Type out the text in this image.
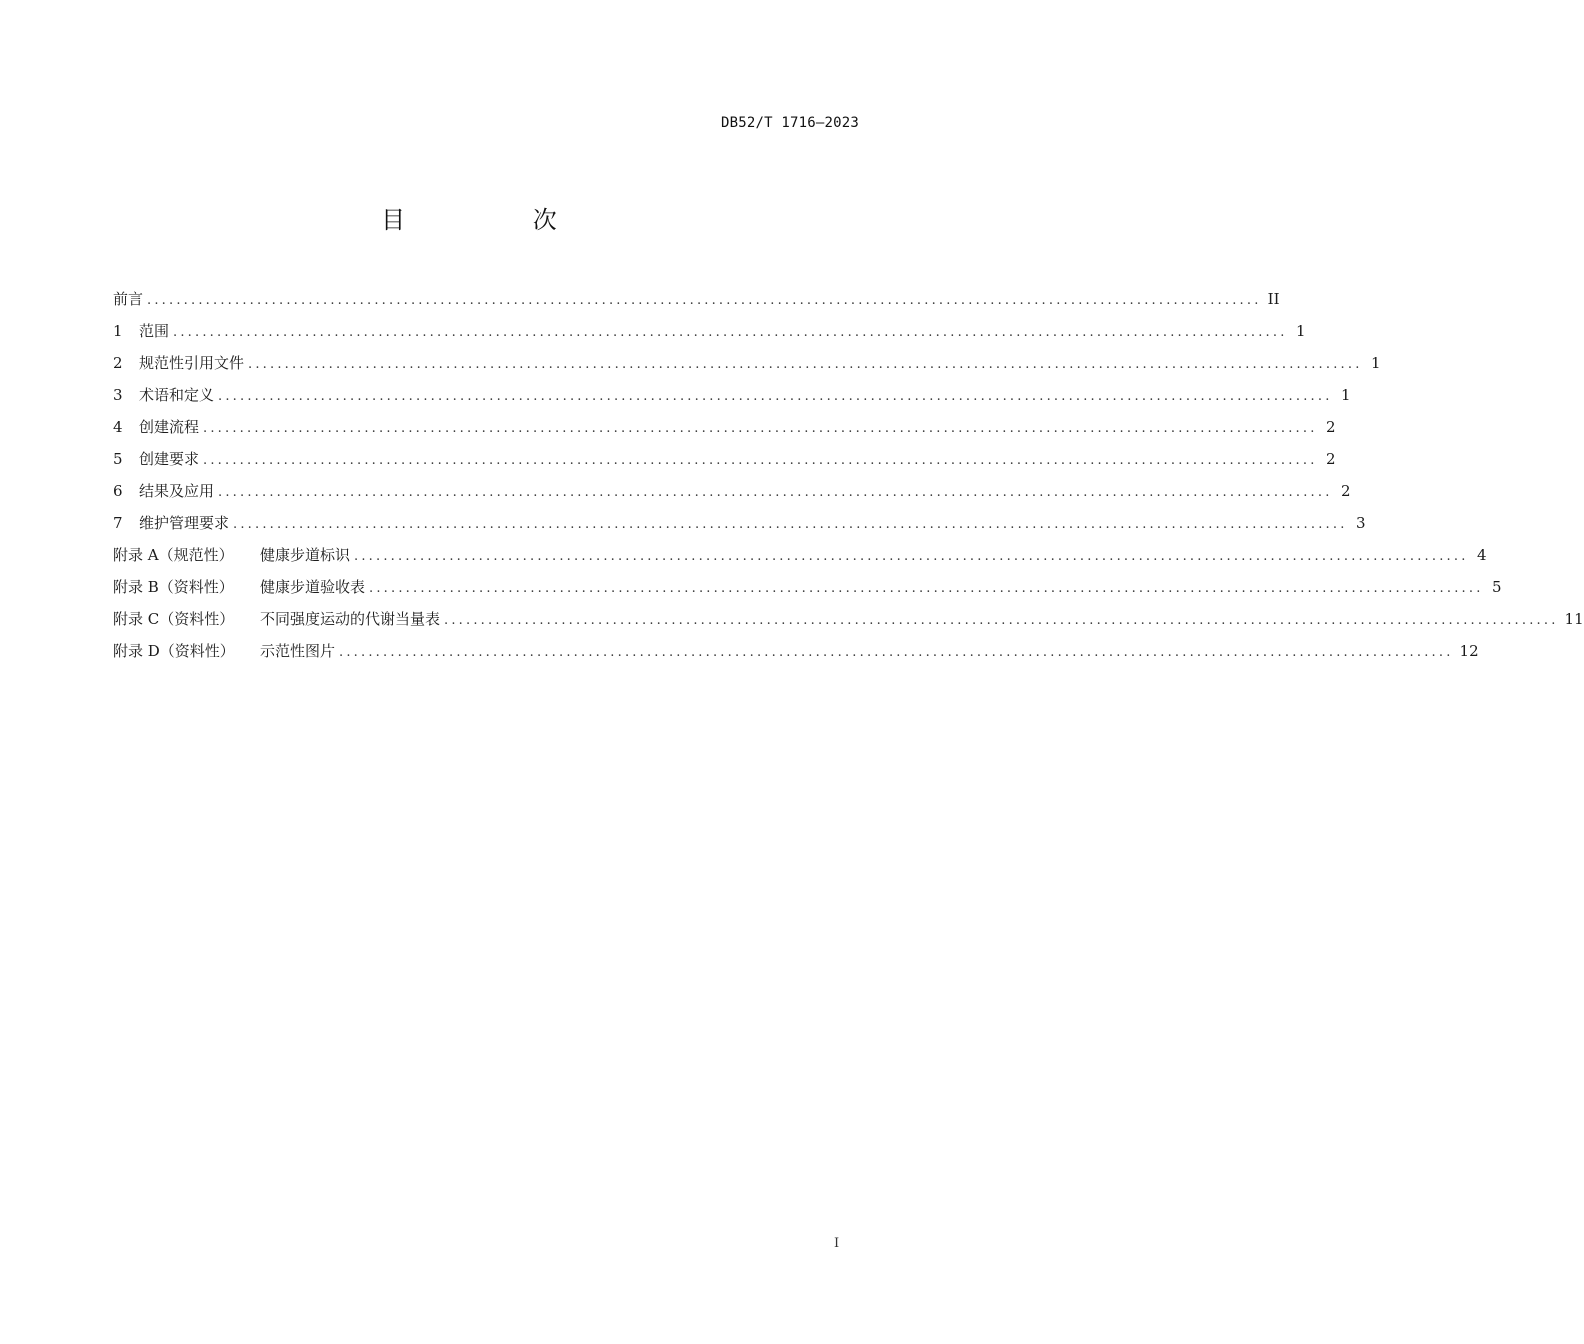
DB52/T 1716—2023
目 次
前言 ........................................................................................................................................................ II
1 范围 ........................................................................................................................................................ 1
2 规范性引用文件 ........................................................................................................................................................ 1
3 术语和定义 ........................................................................................................................................................ 1
4 创建流程 ........................................................................................................................................................ 2
5 创建要求 ........................................................................................................................................................ 2
6 结果及应用 ........................................................................................................................................................ 2
7 维护管理要求 ........................................................................................................................................................ 3
附录 A（规范性） 健康步道标识 ........................................................................................................................................................ 4
附录 B（资料性） 健康步道验收表 ........................................................................................................................................................ 5
附录 C（资料性） 不同强度运动的代谢当量表 ........................................................................................................................................................ 11
附录 D（资料性） 示范性图片 ........................................................................................................................................................ 12
I
